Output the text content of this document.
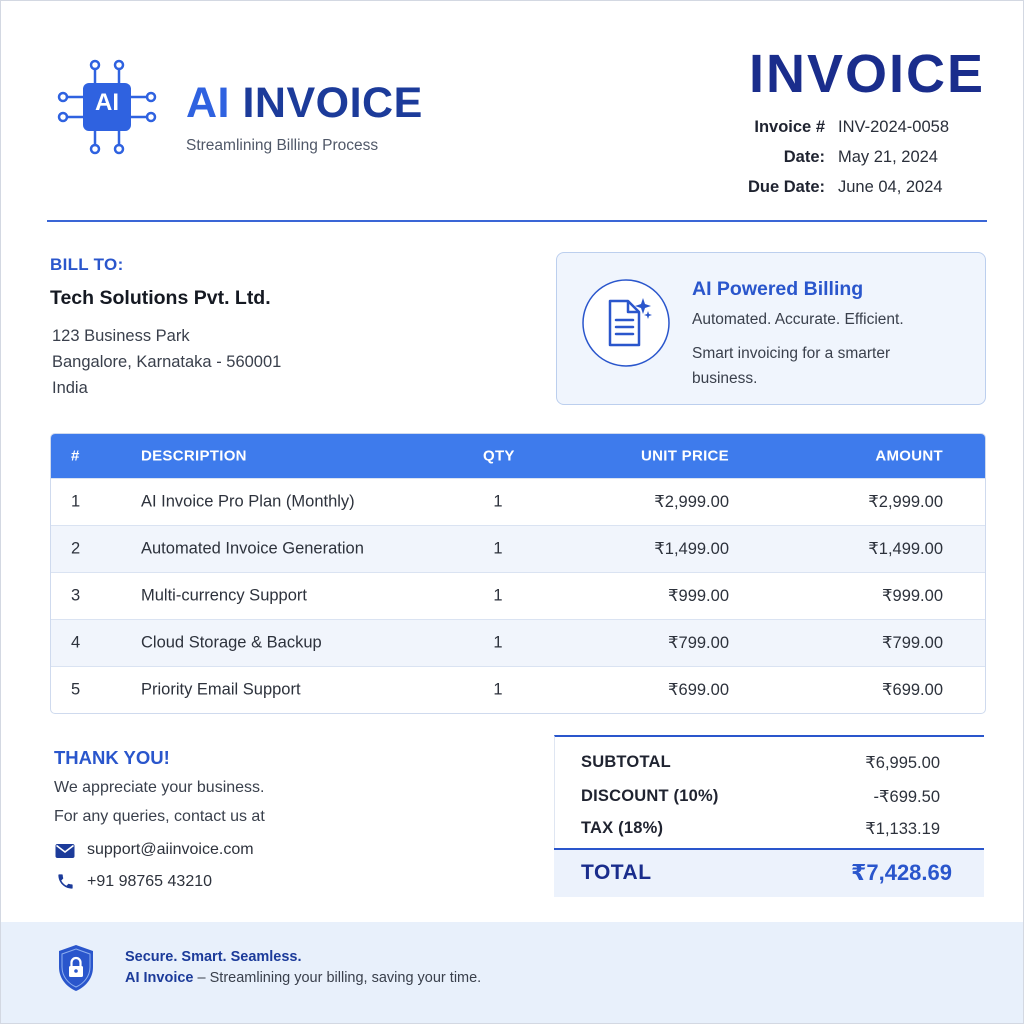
AI AI INVOICE
Streamlining Billing Process
INVOICE
Invoice # INV-2024-0058
Date: May 21, 2024
Due Date: June 04, 2024
BILL TO:
Tech Solutions Pvt. Ltd.
123 Business Park
Bangalore, Karnataka - 560001
India
AI Powered Billing
Automated. Accurate. Efficient.
Smart invoicing for a smarter business.
#	DESCRIPTION	QTY	UNIT PRICE	AMOUNT
1	AI Invoice Pro Plan (Monthly)	1	₹2,999.00	₹2,999.00
2	Automated Invoice Generation	1	₹1,499.00	₹1,499.00
3	Multi-currency Support	1	₹999.00	₹999.00
4	Cloud Storage & Backup	1	₹799.00	₹799.00
5	Priority Email Support	1	₹699.00	₹699.00
THANK YOU!
We appreciate your business.
For any queries, contact us at
support@aiinvoice.com
+91 98765 43210
SUBTOTAL	₹6,995.00
DISCOUNT (10%)	-₹699.50
TAX (18%)	₹1,133.19
TOTAL	₹7,428.69
Secure. Smart. Seamless.
AI Invoice – Streamlining your billing, saving your time.
